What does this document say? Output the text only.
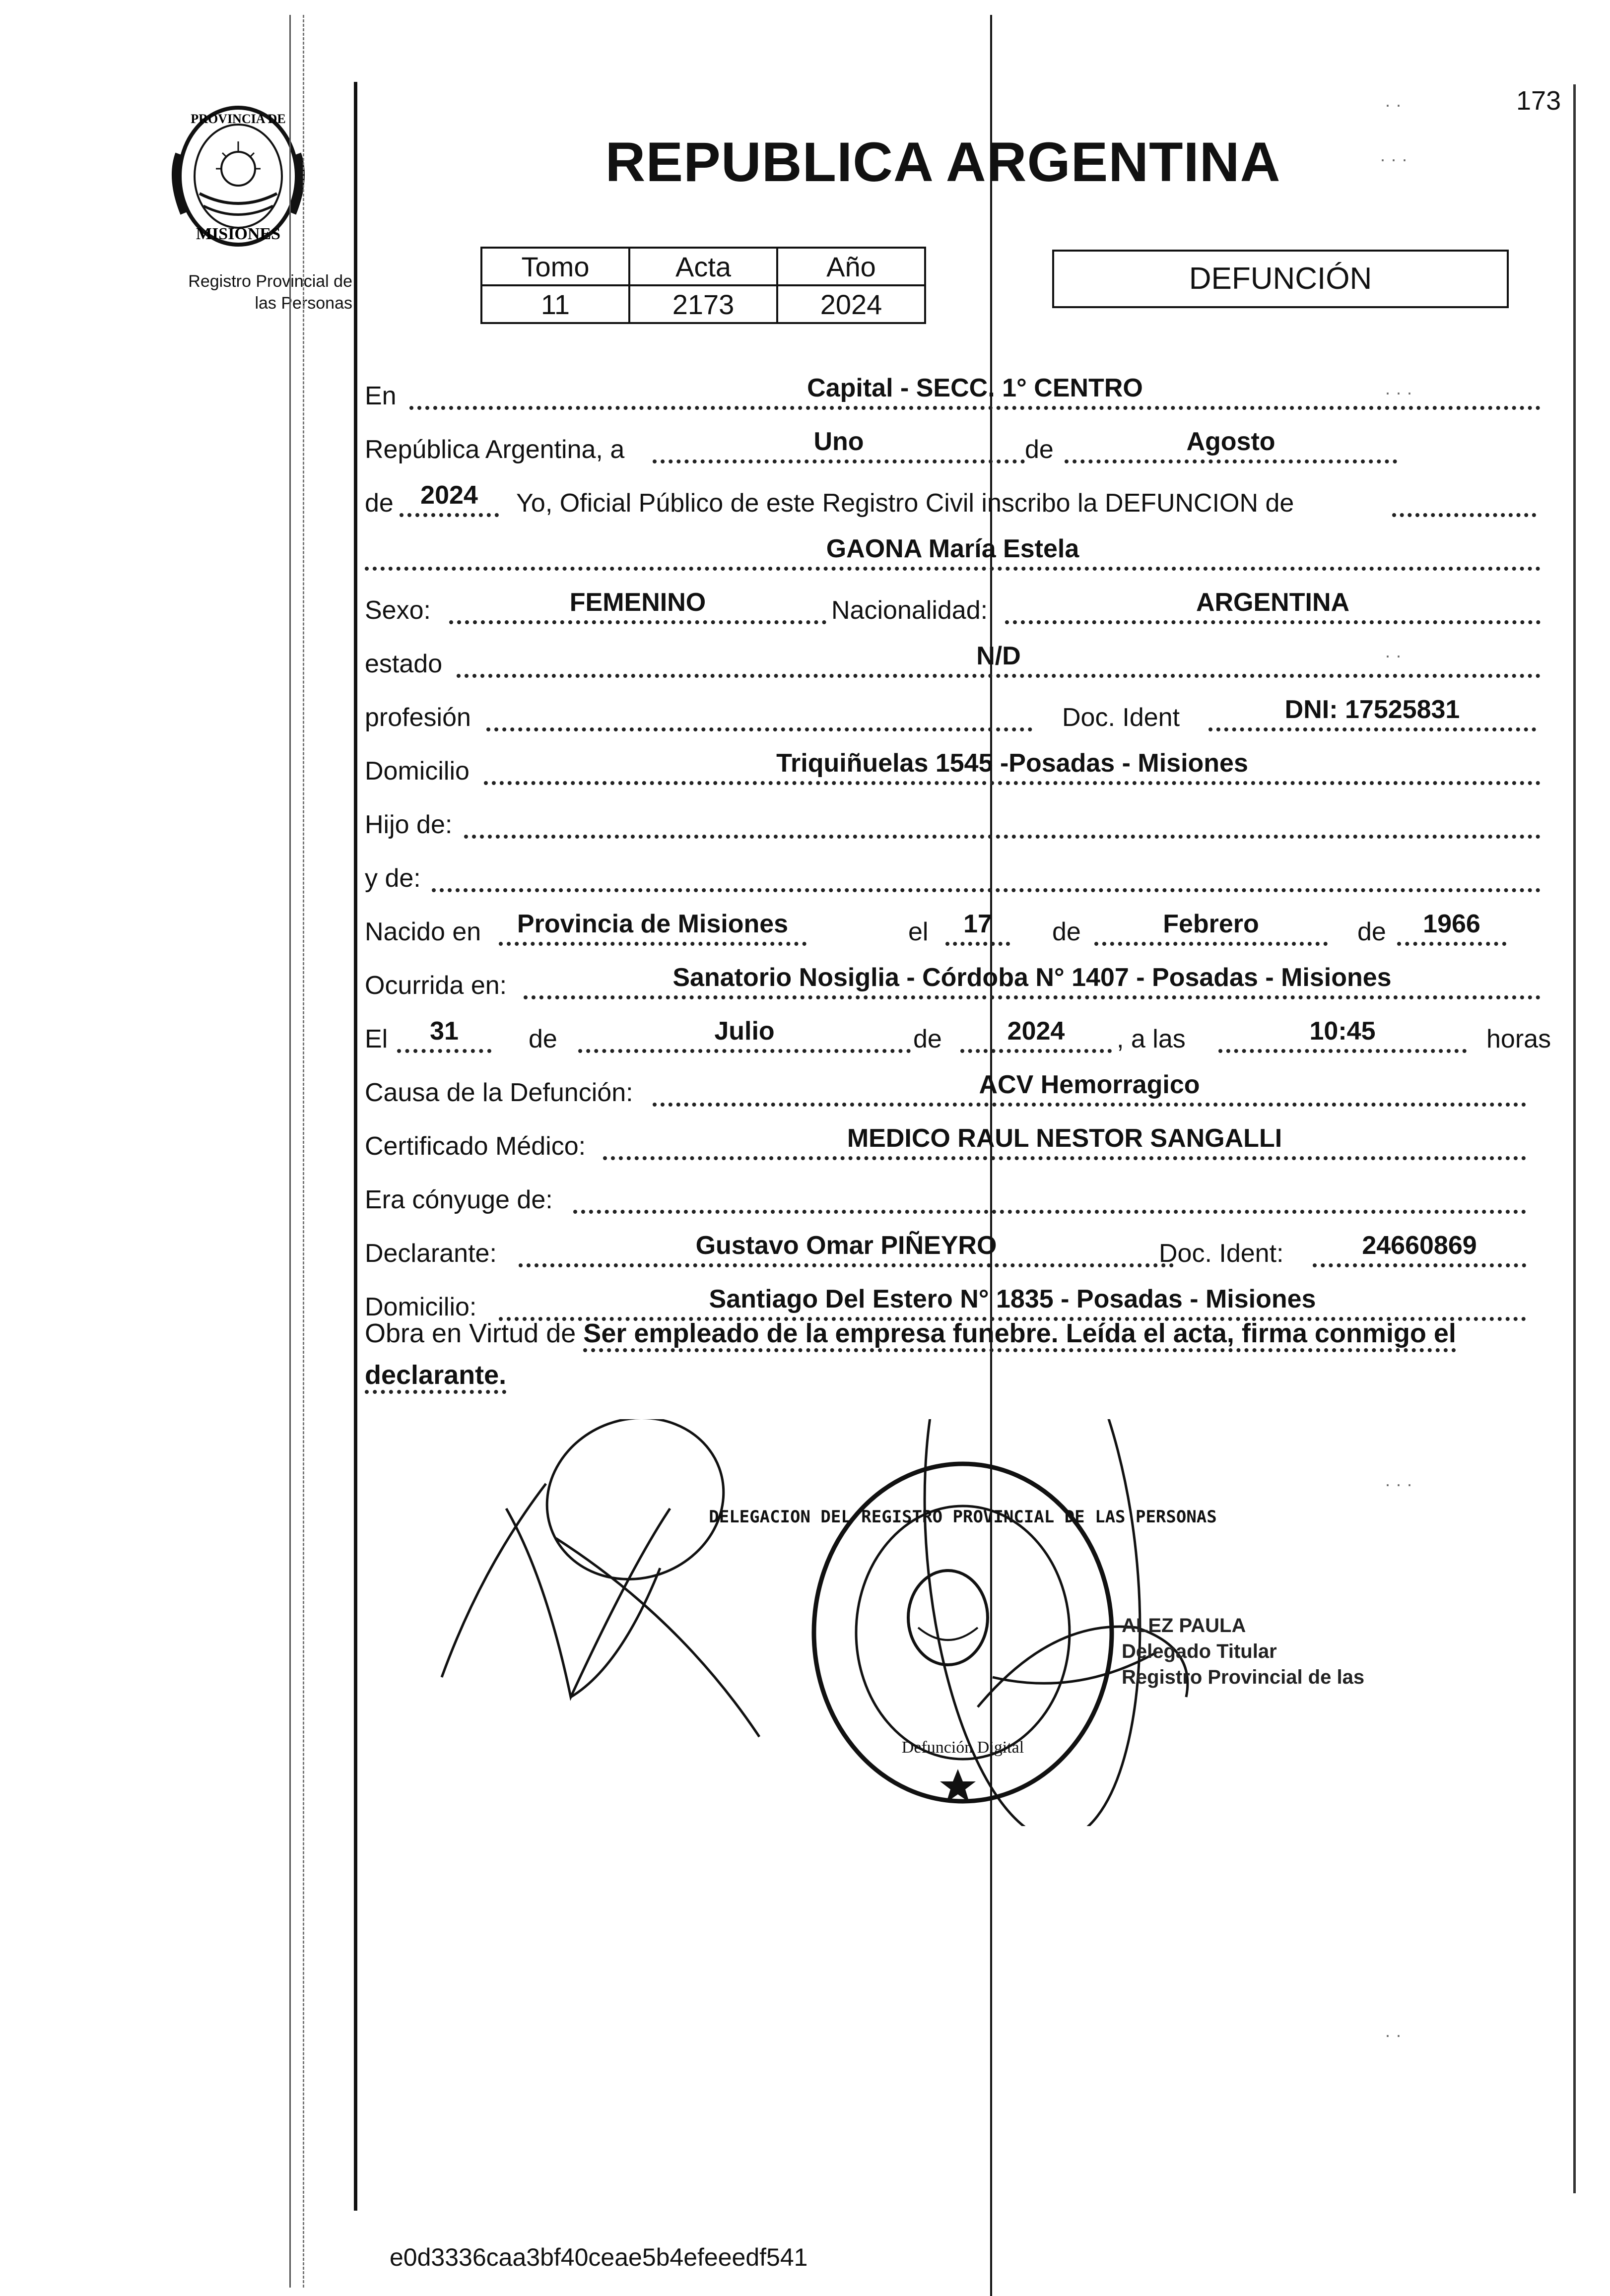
173
PROVINCIA DE
MISIONES
Registro Provincial de
las Personas
REPUBLICA ARGENTINA
Tomo	Acta	Año
11	2173	2024
DEFUNCIÓN
En	Capital - SECC. 1° CENTRO
República Argentina, a	Uno	de	Agosto
de	2024	Yo, Oficial Público de este Registro Civil inscribo la DEFUNCION de
GAONA María Estela
Sexo:	FEMENINO	Nacionalidad:	ARGENTINA
estado	N/D
profesión	Doc. Ident	DNI: 17525831
Domicilio	Triquiñuelas 1545 -Posadas - Misiones
Hijo de:
y de:
Nacido en	Provincia de Misiones	el	17	de	Febrero	de	1966
Ocurrida en:	Sanatorio Nosiglia - Córdoba N° 1407 - Posadas - Misiones
El	31	de	Julio	de	2024	, a las	10:45	horas
Causa de la Defunción:	ACV Hemorragico
Certificado Médico:	MEDICO RAUL NESTOR SANGALLI
Era cónyuge de:
Declarante:	Gustavo Omar PIÑEYRO	Doc. Ident:	24660869
Domicilio:	Santiago Del Estero N° 1835 - Posadas - Misiones
Obra en Virtud de Ser empleado de la empresa funebre. Leída el acta, firma conmigo el declarante.
DELEGACION DEL REGISTRO PROVINCIAL DE LAS PERSONAS
Defunción Digital
ALEZ PAULA
Delegado Titular
Registro Provincial de las
· ·
· · ·
· · ·
· ·
· · ·
· ·
e0d3336caa3bf40ceae5b4efeeedf541
